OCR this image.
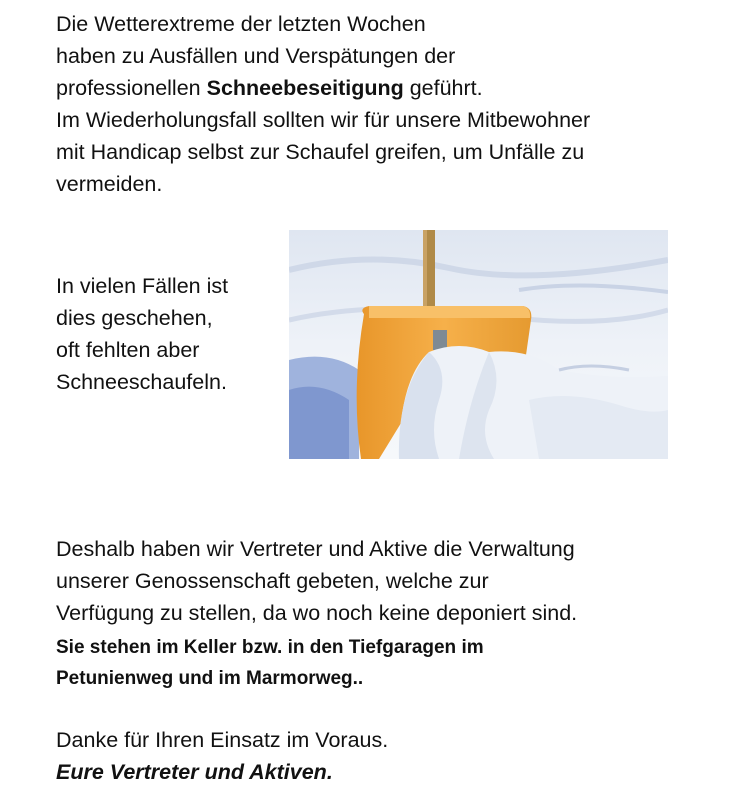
Die Wetterextreme der letzten Wochen
haben zu Ausfällen und Verspätungen der
professionellen Schneebeseitigung geführt.
Im Wiederholungsfall sollten wir für unsere Mitbewohner
mit Handicap selbst zur Schaufel greifen, um Unfälle zu
vermeiden.

In vielen Fällen ist
dies geschehen,
oft fehlten aber
Schneeschaufeln.

Deshalb haben wir Vertreter und Aktive die Verwaltung
unserer Genossenschaft gebeten, welche zur
Verfügung zu stellen, da wo noch keine deponiert sind.

Sie stehen im Keller bzw. in den Tiefgaragen im
Petunienweg und im Marmorweg..

Danke für Ihren Einsatz im Voraus.
Eure Vertreter und Aktiven.
